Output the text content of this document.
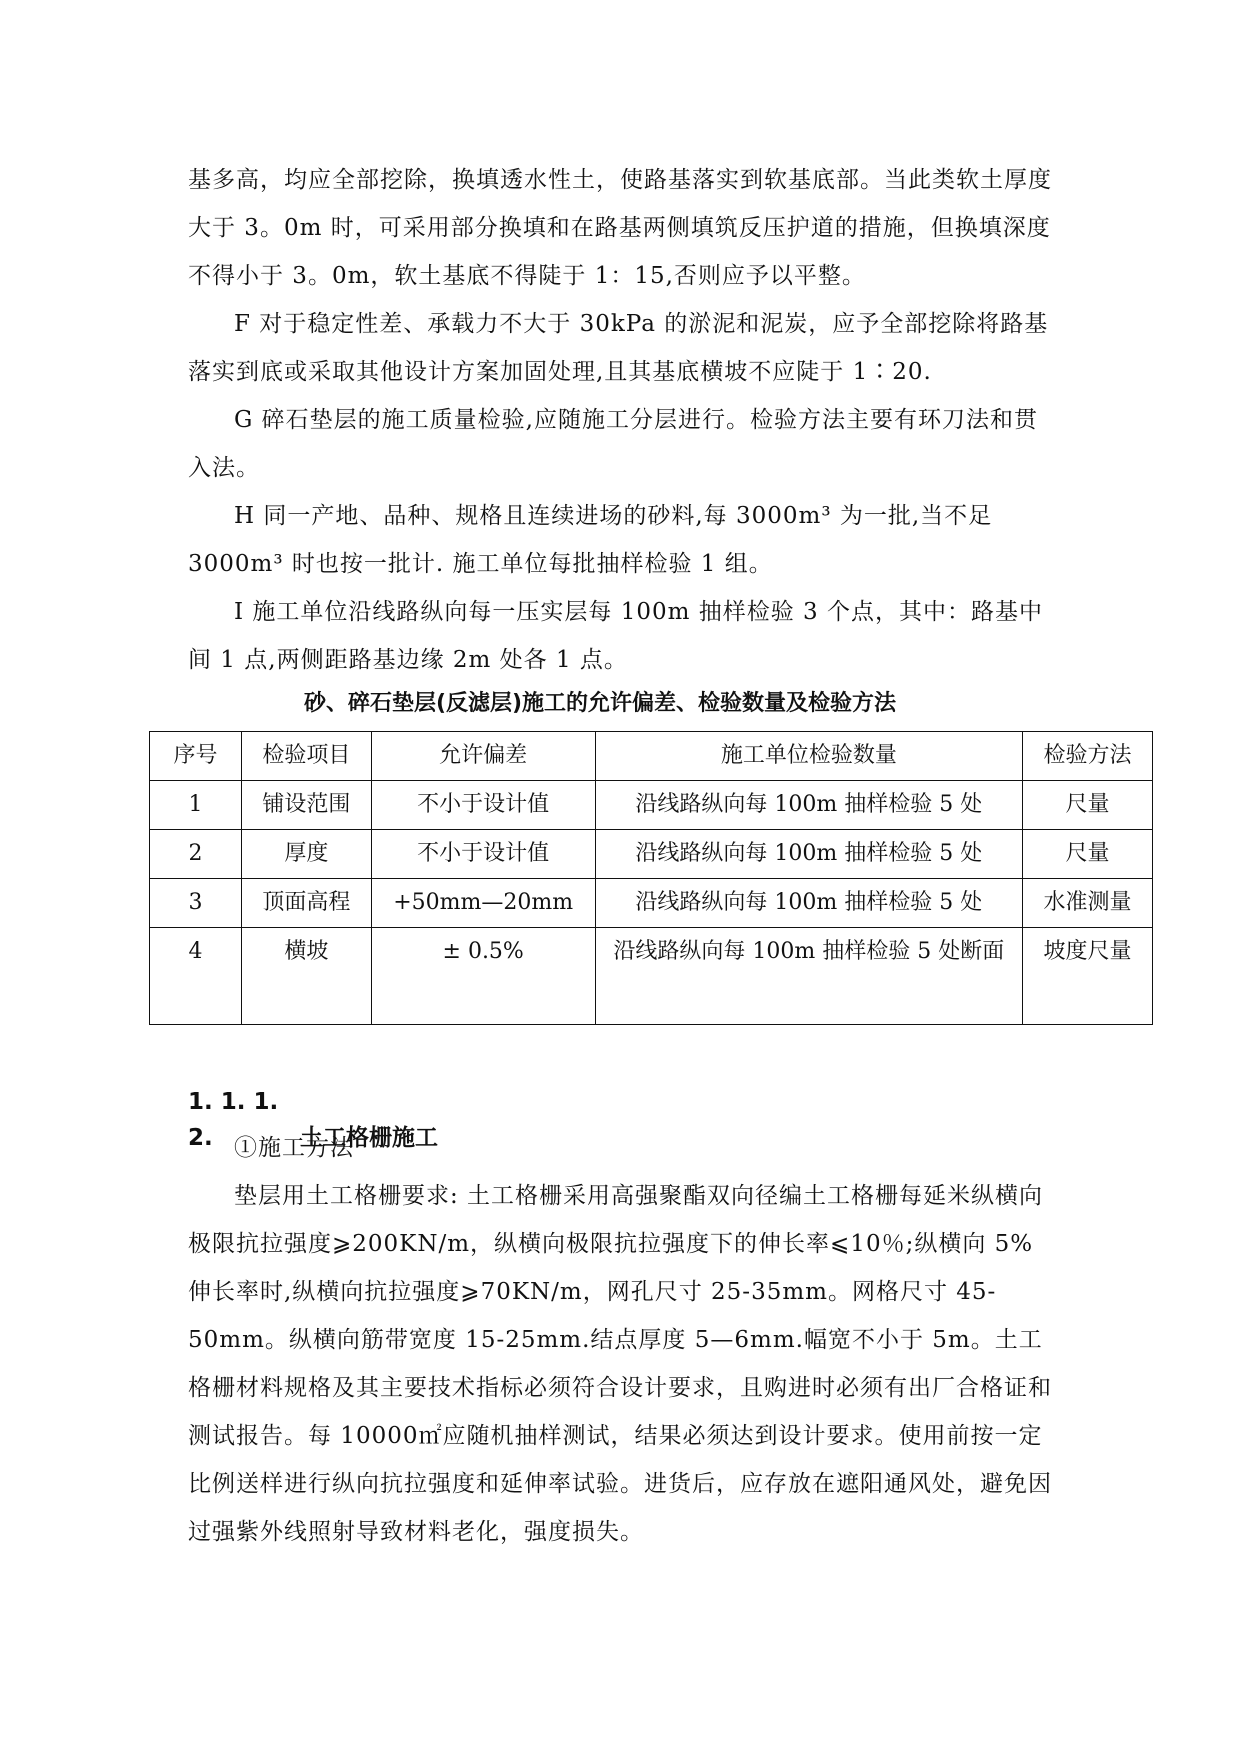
基多高，均应全部挖除，换填透水性土，使路基落实到软基底部。当此类软土厚度大于 3。0m 时，可采用部分换填和在路基两侧填筑反压护道的措施，但换填深度不得小于 3。0m，软土基底不得陡于 1：15,否则应予以平整。

F 对于稳定性差、承载力不大于 30kPa 的淤泥和泥炭，应予全部挖除将路基落实到底或采取其他设计方案加固处理,且其基底横坡不应陡于 1∶20.

G 碎石垫层的施工质量检验,应随施工分层进行。检验方法主要有环刀法和贯入法。

H 同一产地、品种、规格且连续进场的砂料,每 3000m³ 为一批,当不足 3000m³ 时也按一批计. 施工单位每批抽样检验 1 组。

I 施工单位沿线路纵向每一压实层每 100m 抽样检验 3 个点，其中：路基中间 1 点,两侧距路基边缘 2m 处各 1 点。

砂、碎石垫层(反滤层)施工的允许偏差、检验数量及检验方法

序号	检验项目	允许偏差	施工单位检验数量	检验方法
1	铺设范围	不小于设计值	沿线路纵向每 100m 抽样检验 5 处	尺量
2	厚度	不小于设计值	沿线路纵向每 100m 抽样检验 5 处	尺量
3	顶面高程	+50mm—20mm	沿线路纵向每 100m 抽样检验 5 处	水准测量
4	横坡	± 0.5%	沿线路纵向每 100m 抽样检验 5 处断面	坡度尺量

1. 1. 1. 2.	土工格栅施工

①施工方法

垫层用土工格栅要求: 土工格栅采用高强聚酯双向径编土工格栅每延米纵横向极限抗拉强度⩾200KN/m，纵横向极限抗拉强度下的伸长率⩽10％;纵横向 5%伸长率时,纵横向抗拉强度⩾70KN/m，网孔尺寸 25-35mm。网格尺寸 45-50mm。纵横向筋带宽度 15-25mm.结点厚度 5—6mm.幅宽不小于 5m。土工格栅材料规格及其主要技术指标必须符合设计要求，且购进时必须有出厂合格证和测试报告。每 10000㎡应随机抽样测试，结果必须达到设计要求。使用前按一定比例送样进行纵向抗拉强度和延伸率试验。进货后，应存放在遮阳通风处，避免因过强紫外线照射导致材料老化，强度损失。
